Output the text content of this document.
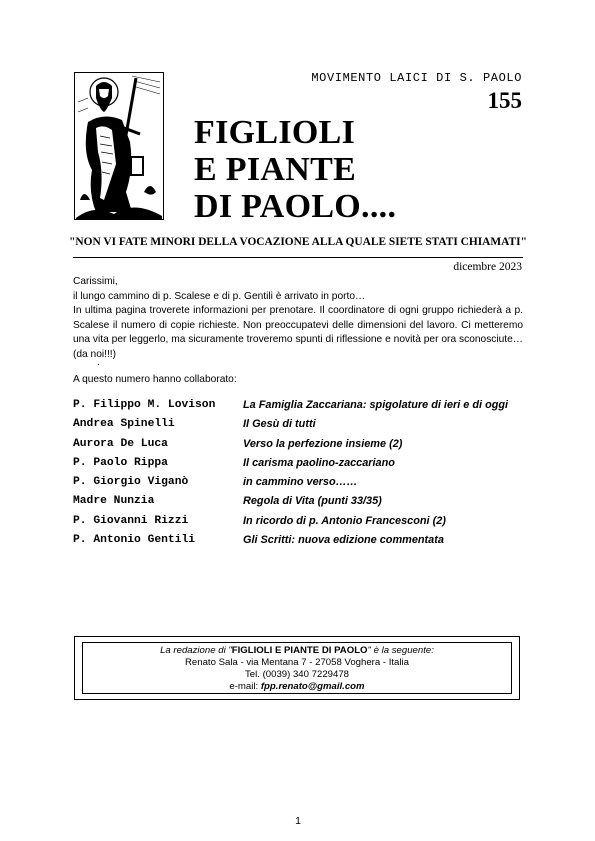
MOVIMENTO LAICI DI S. PAOLO
155
FIGLIOLI
E PIANTE
DI PAOLO....
"NON VI FATE MINORI DELLA VOCAZIONE ALLA QUALE SIETE STATI CHIAMATI"
dicembre 2023

Carissimi,

il lungo cammino di p. Scalese e di p. Gentili è arrivato in porto…

In ultima pagina troverete informazioni per prenotare. Il coordinatore di ogni gruppo richiederà a p. Scalese il numero di copie richieste. Non preoccupatevi delle dimensioni del lavoro. Ci metteremo una vita per leggerlo, ma sicuramente troveremo spunti di riflessione e novità per ora sconosciute… (da noi!!!)

.
A questo numero hanno collaborato:
P. Filippo M. Lovison	La Famiglia Zaccariana: spigolature di ieri e di oggi
Andrea Spinelli	Il Gesù di tutti
Aurora De Luca	Verso la perfezione insieme (2)
P. Paolo Rippa	Il carisma paolino-zaccariano
P. Giorgio Viganò	in cammino verso……
Madre Nunzia	Regola di Vita (punti 33/35)
P. Giovanni Rizzi	In ricordo di p. Antonio Francesconi (2)
P. Antonio Gentili	Gli Scritti: nuova edizione commentata
La redazione di "FIGLIOLI E PIANTE DI PAOLO" è la seguente:
Renato Sala - via Mentana 7 - 27058 Voghera - Italia
Tel. (0039) 340 7229478
e-mail: fpp.renato@gmail.com
1
